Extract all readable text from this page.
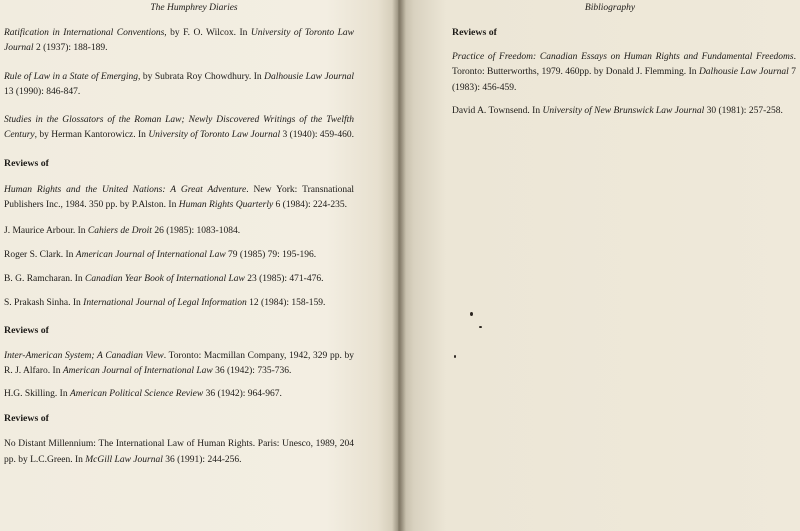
The Humphrey Diaries

Ratification in International Conventions, by F. O. Wilcox. In University of Toronto Law Journal 2 (1937): 188-189.

Rule of Law in a State of Emerging, by Subrata Roy Chowdhury. In Dalhousie Law Journal 13 (1990): 846-847.

Studies in the Glossators of the Roman Law; Newly Discovered Writings of the Twelfth Century, by Herman Kantorowicz. In University of Toronto Law Journal 3 (1940): 459-460.

Reviews of

Human Rights and the United Nations: A Great Adventure. New York: Transnational Publishers Inc., 1984. 350 pp. by P.Alston. In Human Rights Quarterly 6 (1984): 224-235.

J. Maurice Arbour. In Cahiers de Droit 26 (1985): 1083-1084.

Roger S. Clark. In American Journal of International Law 79 (1985) 79: 195-196.

B. G. Ramcharan. In Canadian Year Book of International Law 23 (1985): 471-476.

S. Prakash Sinha. In International Journal of Legal Information 12 (1984): 158-159.

Reviews of

Inter-American System; A Canadian View. Toronto: Macmillan Company, 1942, 329 pp. by R. J. Alfaro. In American Journal of International Law 36 (1942): 735-736.

H.G. Skilling. In American Political Science Review 36 (1942): 964-967.

Reviews of

No Distant Millennium: The International Law of Human Rights. Paris: Unesco, 1989, 204 pp. by L.C.Green. In McGill Law Journal 36 (1991): 244-256.

Bibliography

Reviews of

Practice of Freedom: Canadian Essays on Human Rights and Fundamental Freedoms. Toronto: Butterworths, 1979. 460pp. by Donald J. Flemming. In Dalhousie Law Journal 7 (1983): 456-459.

David A. Townsend. In University of New Brunswick Law Journal 30 (1981): 257-258.
